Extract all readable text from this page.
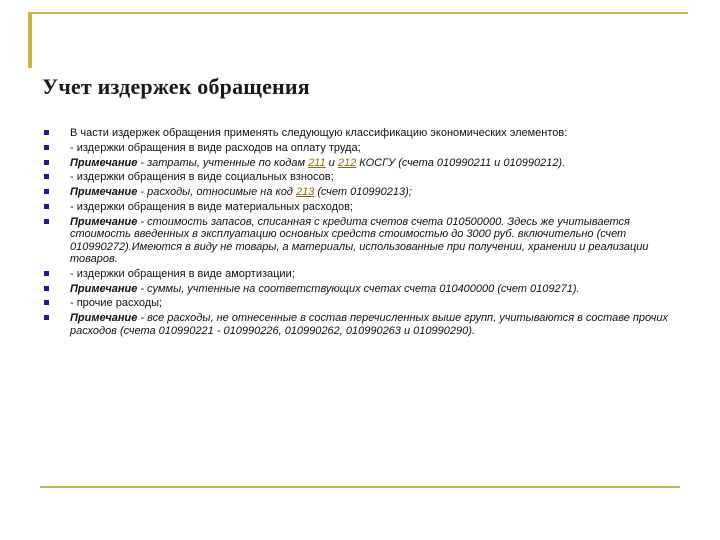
Учет издержек обращения
В части издержек обращения применять следующую классификацию экономических элементов:
- издержки обращения в виде расходов на оплату труда;
Примечание - затраты, учтенные по кодам 211 и 212 КОСГУ (счета 010990211 и 010990212).
- издержки обращения в виде социальных взносов;
Примечание - расходы, относимые на код 213 (счет 010990213);
- издержки обращения в виде материальных расходов;
Примечание - стоимость запасов, списанная с кредита счетов счета 010500000. Здесь же учитывается стоимость введенных в эксплуатацию основных средств стоимостью до 3000 руб. включительно (счет 010990272).Имеются в виду не товары, а материалы, использованные при получении, хранении и реализации товаров.
- издержки обращения в виде амортизации;
Примечание - суммы, учтенные на соответствующих счетах счета 010400000 (счет 0109271).
- прочие расходы;
Примечание - все расходы, не отнесенные в состав перечисленных выше групп, учитываются в составе прочих расходов (счета 010990221 - 010990226, 010990262, 010990263 и 010990290).
